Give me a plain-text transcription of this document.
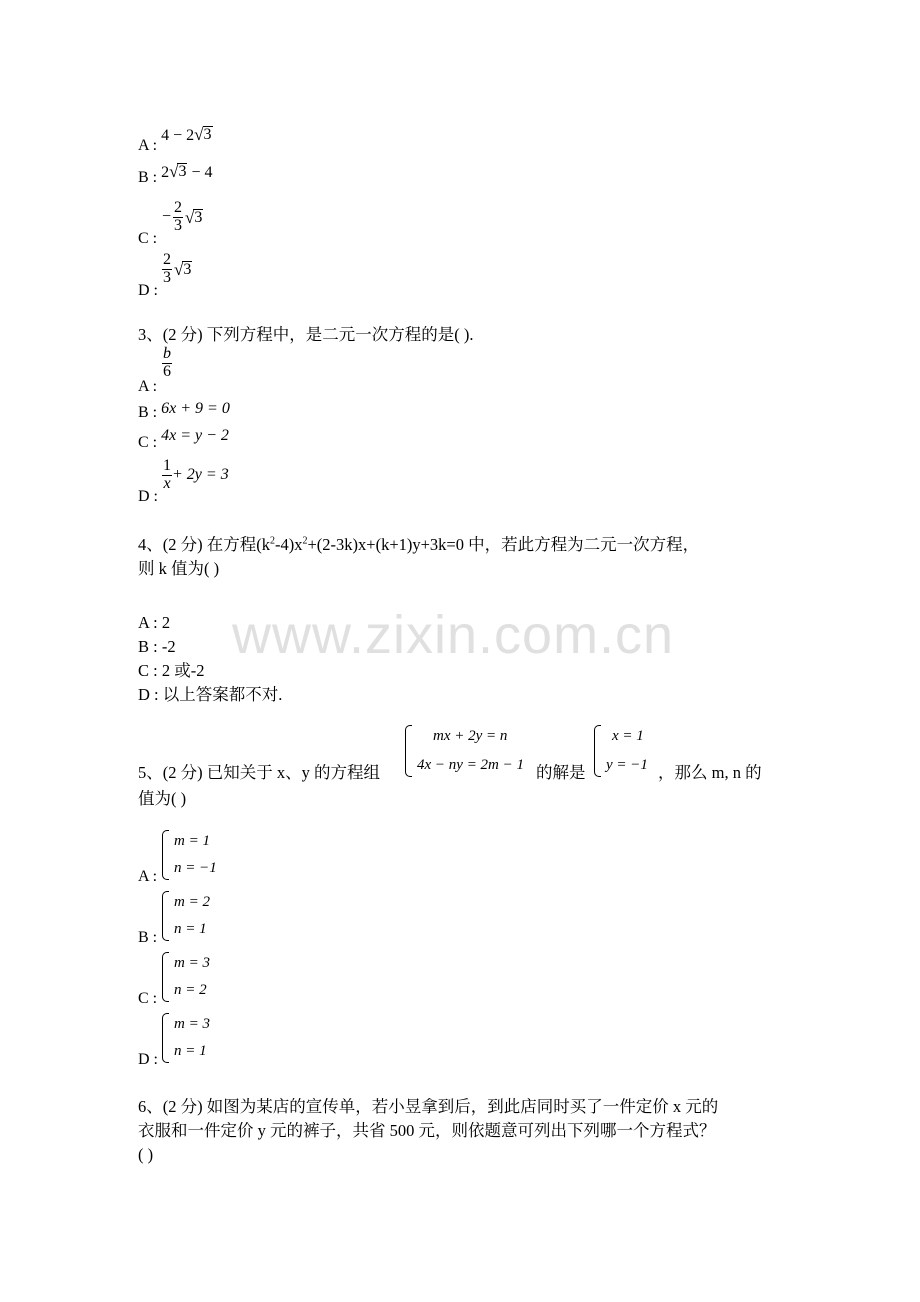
www.zixin.com.cn
A : 4 − 2 √ 3
B : 2 √ 3 − 4
− $\frac{2}{3}$ √ 3
C :
$\frac{2}{3}$ √ 3
D :
3、(2 分) 下列方程中，是二元一次方程的是( ).
$\frac{b}{6}$
A :
B : 6x + 9 = 0
C : 4x = y − 2
$\frac{1}{x} + 2y = 3$
D :
4、(2 分) 在方程$(k^2-4)x^2+(2-3k)x+(k+1)y+3k=0$ 中，若此方程为二元一次方程，
则 k 值为( )
A : 2
B : -2
C : 2 或-2
D : 以上答案都不对.
5、(2 分) 已知关于 x、y 的方程组
mx + 2y = n
4x − ny = 2m − 1 的解是
x = 1
y = −1 ，那么 m, n 的
值为( )
m = 1
n = −1
A :
m = 2
n = 1
B :
m = 3
n = 2
C :
m = 3
n = 1
D :
6、(2 分) 如图为某店的宣传单，若小昱拿到后，到此店同时买了一件定价 x 元的
衣服和一件定价 y 元的裤子，共省 500 元，则依题意可列出下列哪一个方程式？
( )
